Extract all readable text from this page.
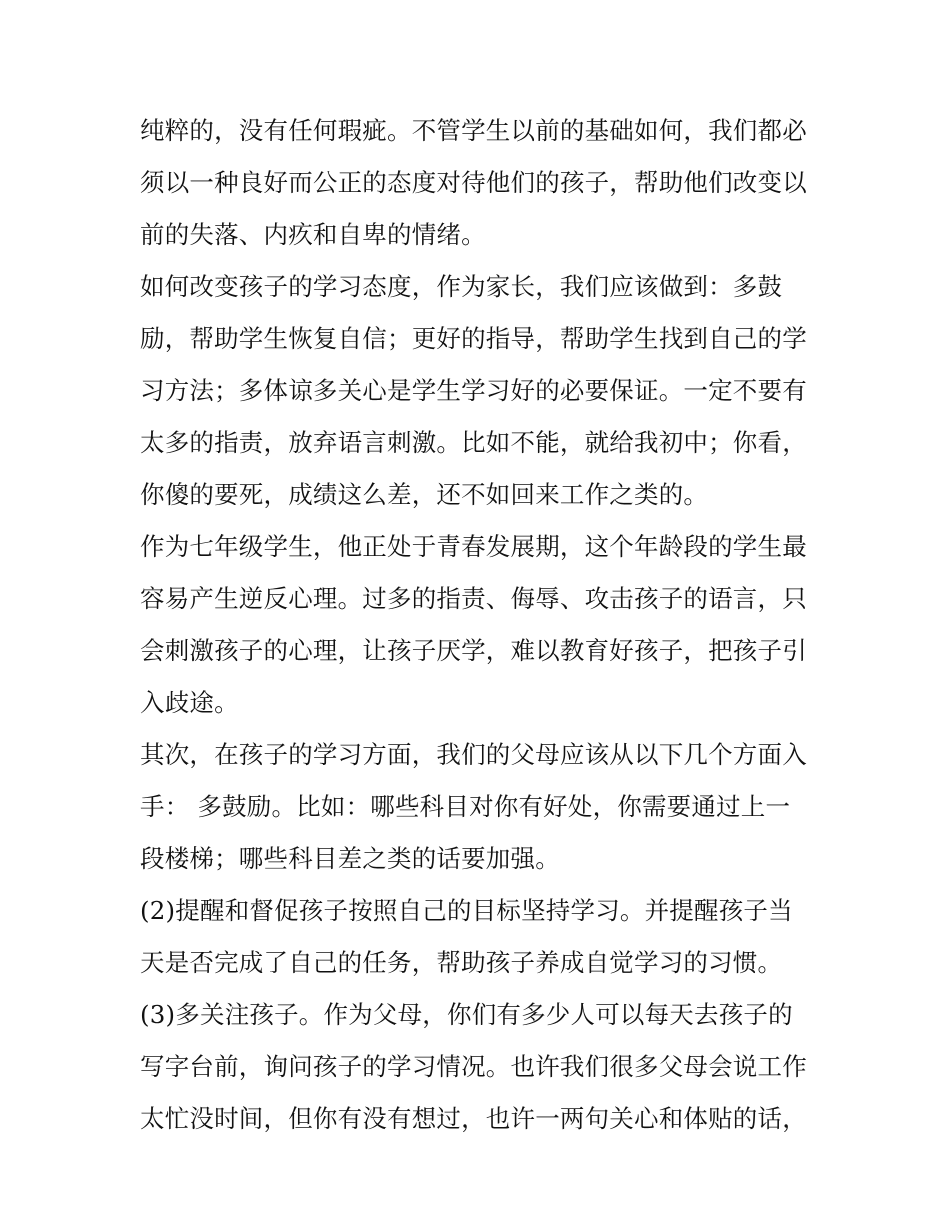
纯粹的，没有任何瑕疵。不管学生以前的基础如何，我们都必
须以一种良好而公正的态度对待他们的孩子，帮助他们改变以
前的失落、内疚和自卑的情绪。
如何改变孩子的学习态度，作为家长，我们应该做到：多鼓
励，帮助学生恢复自信；更好的指导，帮助学生找到自己的学
习方法；多体谅多关心是学生学习好的必要保证。一定不要有
太多的指责，放弃语言刺激。比如不能，就给我初中；你看，
你傻的要死，成绩这么差，还不如回来工作之类的。
作为七年级学生，他正处于青春发展期，这个年龄段的学生最
容易产生逆反心理。过多的指责、侮辱、攻击孩子的语言，只
会刺激孩子的心理，让孩子厌学，难以教育好孩子，把孩子引
入歧途。
其次，在孩子的学习方面，我们的父母应该从以下几个方面入
手： 多鼓励。比如：哪些科目对你有好处，你需要通过上一
段楼梯；哪些科目差之类的话要加强。
(2)提醒和督促孩子按照自己的目标坚持学习。并提醒孩子当
天是否完成了自己的任务，帮助孩子养成自觉学习的习惯。
(3)多关注孩子。作为父母，你们有多少人可以每天去孩子的
写字台前，询问孩子的学习情况。也许我们很多父母会说工作
太忙没时间，但你有没有想过，也许一两句关心和体贴的话，
